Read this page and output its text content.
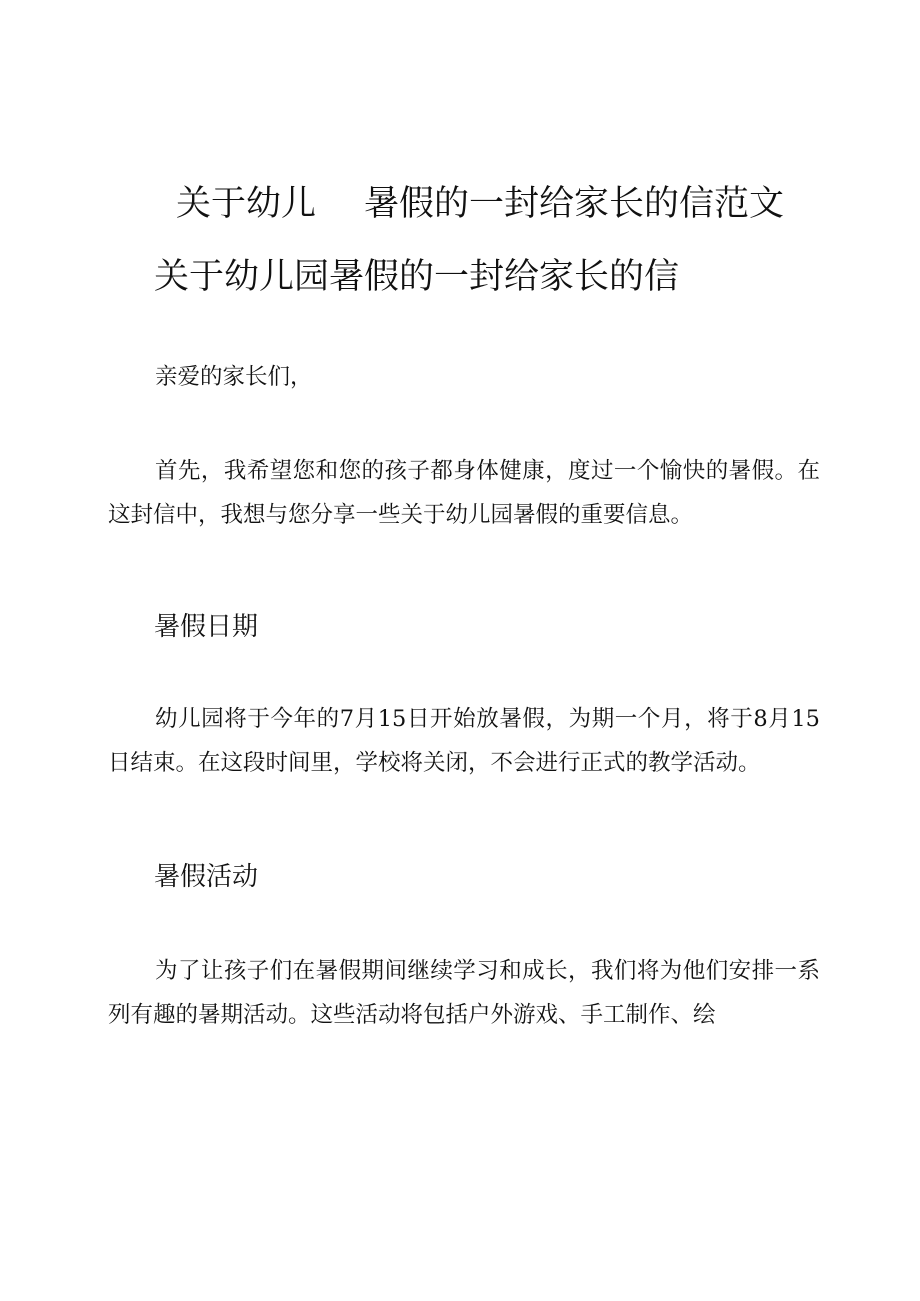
关于幼儿 暑假的一封给家长的信范文
关于幼儿园暑假的一封给家长的信

亲爱的家长们，

首先，我希望您和您的孩子都身体健康，度过一个愉快的暑假。在这封信中，我想与您分享一些关于幼儿园暑假的重要信息。

暑假日期

幼儿园将于今年的7月15日开始放暑假，为期一个月，将于8月15日结束。在这段时间里，学校将关闭，不会进行正式的教学活动。

暑假活动

为了让孩子们在暑假期间继续学习和成长，我们将为他们安排一系列有趣的暑期活动。这些活动将包括户外游戏、手工制作、绘
